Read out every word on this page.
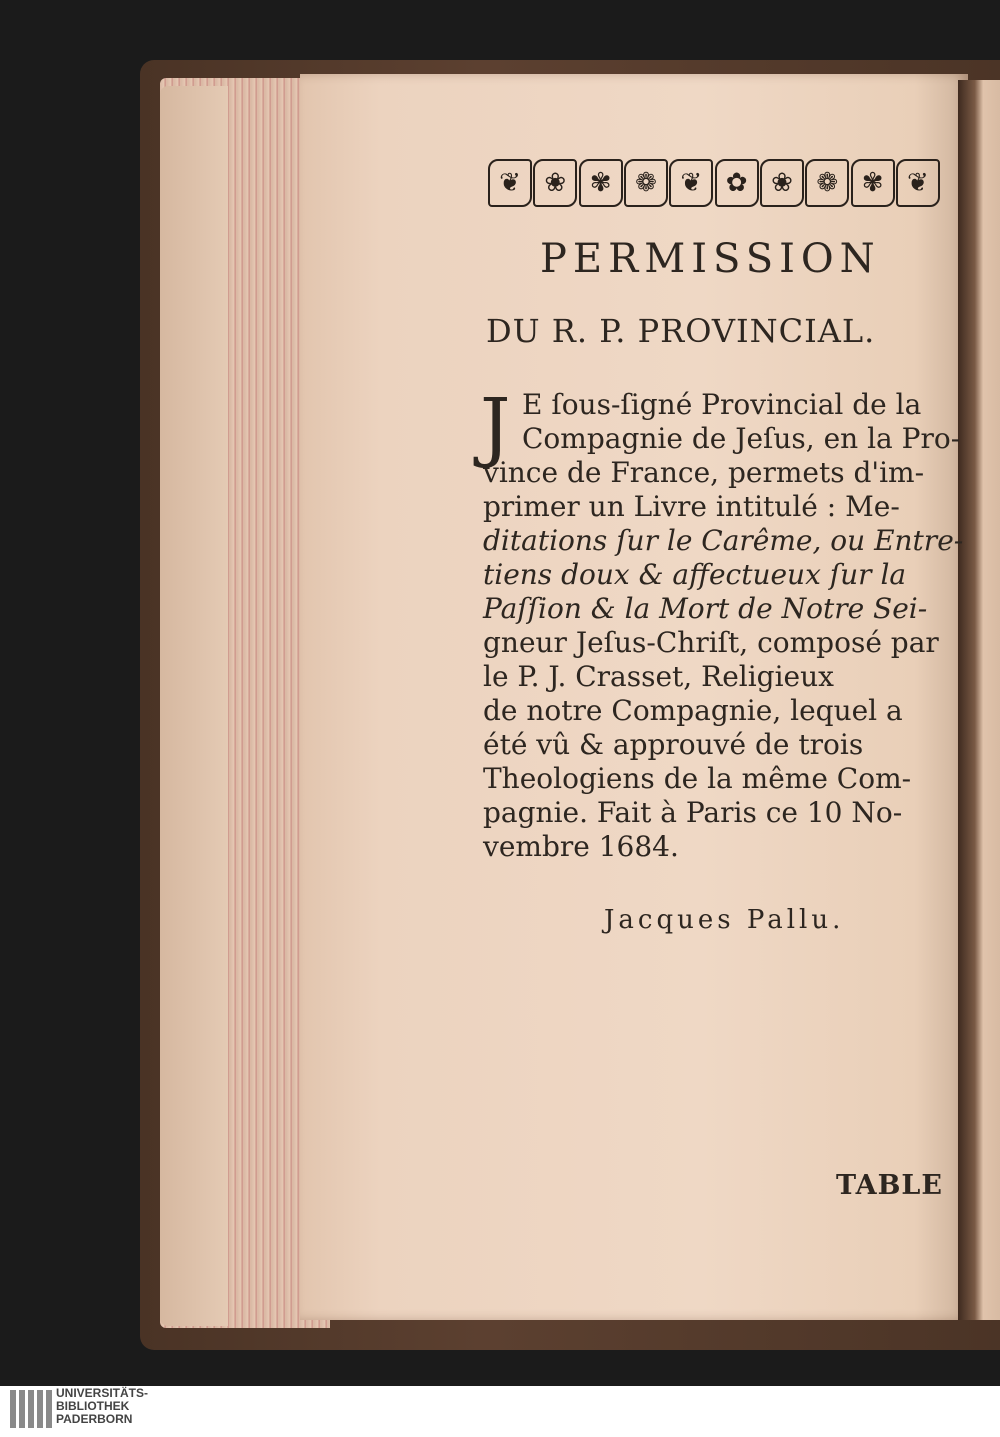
❦ ❀ ✾ ❁ ❦ ✿ ❀ ❁ ✾ ❦
PERMISSION
DU R. P. PROVINCIAL.
J E ſous-ſigné Provincial de la
Compagnie de Jeſus, en la Pro-
vince de France, permets d'im-
primer un Livre intitulé : Me-
ditations ſur le Carême, ou Entre-
tiens doux & affectueux ſur la
Paſſion & la Mort de Notre Sei-
gneur Jeſus-Chriſt, composé par
le P. J. Crasset, Religieux
de notre Compagnie, lequel a
été vû & approuvé de trois
Theologiens de la même Com-
pagnie. Fait à Paris ce 10 No-
vembre 1684.
Jacques Pallu.
TABLE
UNIVERSITÄTS-
BIBLIOTHEK
PADERBORN
